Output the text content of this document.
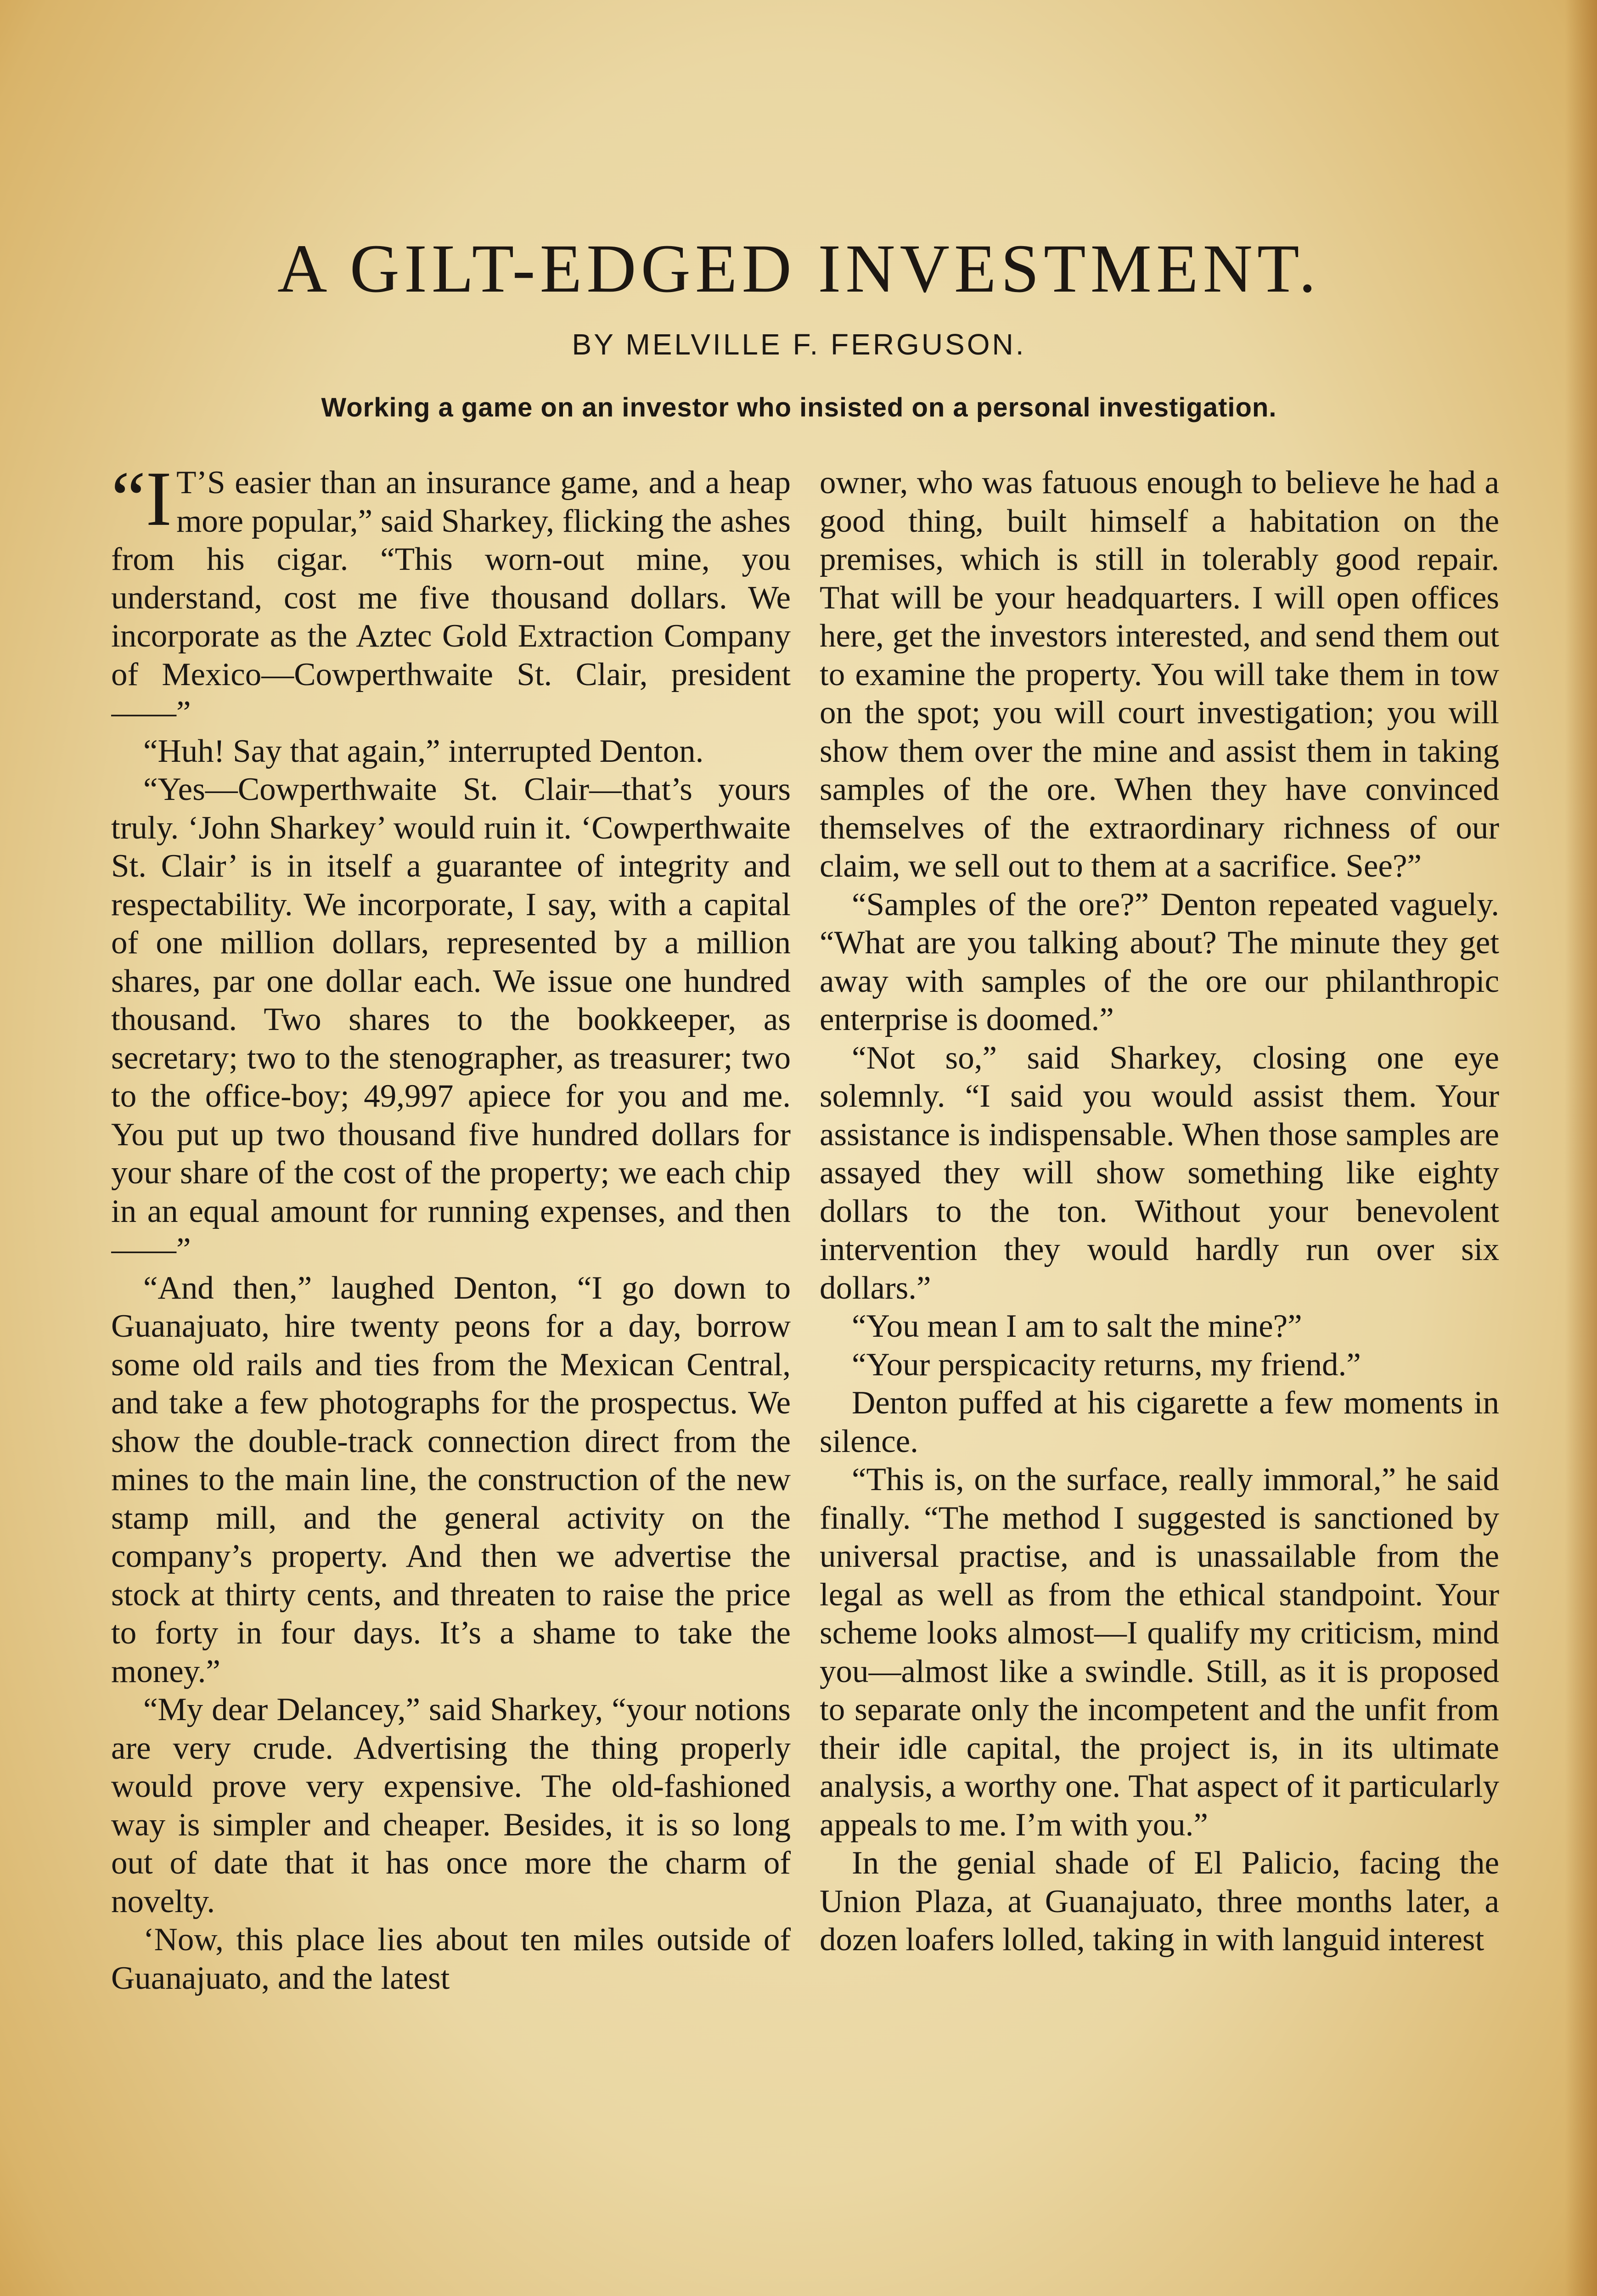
A GILT-EDGED INVESTMENT.
BY MELVILLE F. FERGUSON.
Working a game on an investor who insisted on a personal investigation.

“I T’S easier than an insurance game, and a heap more popular,” said Sharkey, flicking the ashes from his cigar. “This worn-out mine, you understand, cost me five thousand dollars. We incorporate as the Aztec Gold Extraction Company of Mexico—Cowperthwaite St. Clair, president——”

“Huh! Say that again,” interrupted Denton.

“Yes—Cowperthwaite St. Clair—that’s yours truly. ‘John Sharkey’ would ruin it. ‘Cowperthwaite St. Clair’ is in itself a guarantee of integrity and respectability. We incorporate, I say, with a capital of one million dollars, represented by a million shares, par one dollar each. We issue one hundred thousand. Two shares to the bookkeeper, as secretary; two to the stenographer, as treasurer; two to the office-boy; 49,997 apiece for you and me. You put up two thousand five hundred dollars for your share of the cost of the property; we each chip in an equal amount for running expenses, and then——”

“And then,” laughed Denton, “I go down to Guanajuato, hire twenty peons for a day, borrow some old rails and ties from the Mexican Central, and take a few photographs for the prospectus. We show the double-track connection direct from the mines to the main line, the construction of the new stamp mill, and the general activity on the company’s property. And then we advertise the stock at thirty cents, and threaten to raise the price to forty in four days. It’s a shame to take the money.”

“My dear Delancey,” said Sharkey, “your notions are very crude. Advertising the thing properly would prove very expensive. The old-fashioned way is simpler and cheaper. Besides, it is so long out of date that it has once more the charm of novelty.

‘Now, this place lies about ten miles outside of Guanajuato, and the latest

owner, who was fatuous enough to believe he had a good thing, built himself a habitation on the premises, which is still in tolerably good repair. That will be your headquarters. I will open offices here, get the investors interested, and send them out to examine the property. You will take them in tow on the spot; you will court investigation; you will show them over the mine and assist them in taking samples of the ore. When they have convinced themselves of the extraordinary richness of our claim, we sell out to them at a sacrifice. See?”

“Samples of the ore?” Denton repeated vaguely. “What are you talking about? The minute they get away with samples of the ore our philanthropic enterprise is doomed.”

“Not so,” said Sharkey, closing one eye solemnly. “I said you would assist them. Your assistance is indispensable. When those samples are assayed they will show something like eighty dollars to the ton. Without your benevolent intervention they would hardly run over six dollars.”

“You mean I am to salt the mine?”

“Your perspicacity returns, my friend.”

Denton puffed at his cigarette a few moments in silence.

“This is, on the surface, really immoral,” he said finally. “The method I suggested is sanctioned by universal practise, and is unassailable from the legal as well as from the ethical standpoint. Your scheme looks almost—I qualify my criticism, mind you—almost like a swindle. Still, as it is proposed to separate only the incompetent and the unfit from their idle capital, the project is, in its ultimate analysis, a worthy one. That aspect of it particularly appeals to me. I’m with you.”

In the genial shade of El Palicio, facing the Union Plaza, at Guanajuato, three months later, a dozen loafers lolled, taking in with languid interest
